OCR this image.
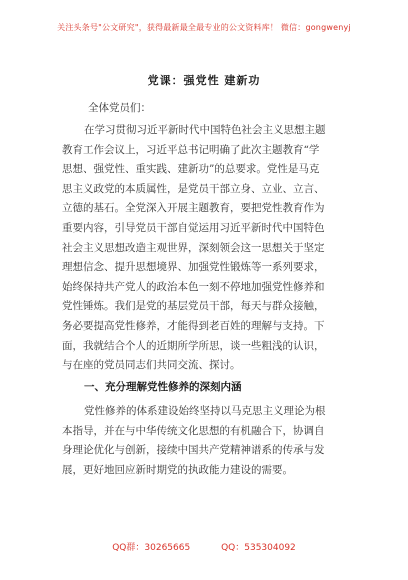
关注头条号"公文研究"，获得最新最全最专业的公文资料库！ 微信：gongwenyj
党课：强党性 建新功
全体党员们：
在学习贯彻习近平新时代中国特色社会主义思想主题
教育工作会议上，习近平总书记明确了此次主题教育“学
思想、强党性、重实践、建新功”的总要求。党性是马克
思主义政党的本质属性，是党员干部立身、立业、立言、
立德的基石。全党深入开展主题教育，要把党性教育作为
重要内容，引导党员干部自觉运用习近平新时代中国特色
社会主义思想改造主观世界，深刻领会这一思想关于坚定
理想信念、提升思想境界、加强党性锻炼等一系列要求，
始终保持共产党人的政治本色一刻不停地加强党性修养和
党性锤炼。我们是党的基层党员干部，每天与群众接触，
务必要提高党性修养，才能得到老百姓的理解与支持。下
面，我就结合个人的近期所学所思，谈一些粗浅的认识，
与在座的党员同志们共同交流、探讨。
一、充分理解党性修养的深刻内涵
党性修养的体系建设始终坚持以马克思主义理论为根
本指导，并在与中华传统文化思想的有机融合下，协调自
身理论优化与创新，接续中国共产党精神谱系的传承与发
展，更好地回应新时期党的执政能力建设的需要。
QQ群：30265665	QQ：535304092
